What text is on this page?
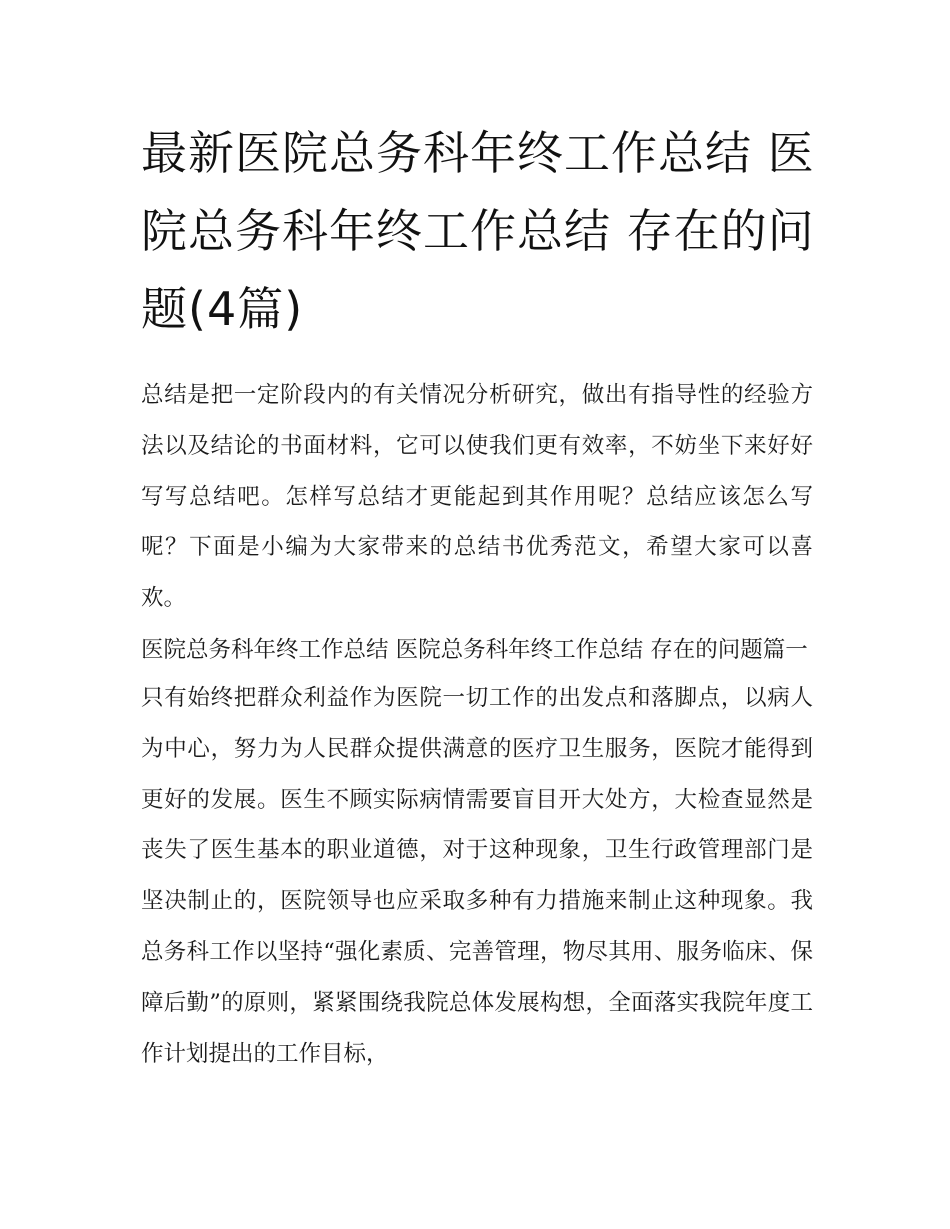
最新医院总务科年终工作总结 医院总务科年终工作总结 存在的问题(4篇)

总结是把一定阶段内的有关情况分析研究，做出有指导性的经验方法以及结论的书面材料，它可以使我们更有效率，不妨坐下来好好写写总结吧。怎样写总结才更能起到其作用呢？总结应该怎么写呢？下面是小编为大家带来的总结书优秀范文，希望大家可以喜欢。

医院总务科年终工作总结 医院总务科年终工作总结 存在的问题篇一

只有始终把群众利益作为医院一切工作的出发点和落脚点，以病人为中心，努力为人民群众提供满意的医疗卫生服务，医院才能得到更好的发展。医生不顾实际病情需要盲目开大处方，大检查显然是丧失了医生基本的职业道德，对于这种现象，卫生行政管理部门是坚决制止的，医院领导也应采取多种有力措施来制止这种现象。我总务科工作以坚持“强化素质、完善管理，物尽其用、服务临床、保障后勤”的原则，紧紧围绕我院总体发展构想，全面落实我院年度工作计划提出的工作目标，
